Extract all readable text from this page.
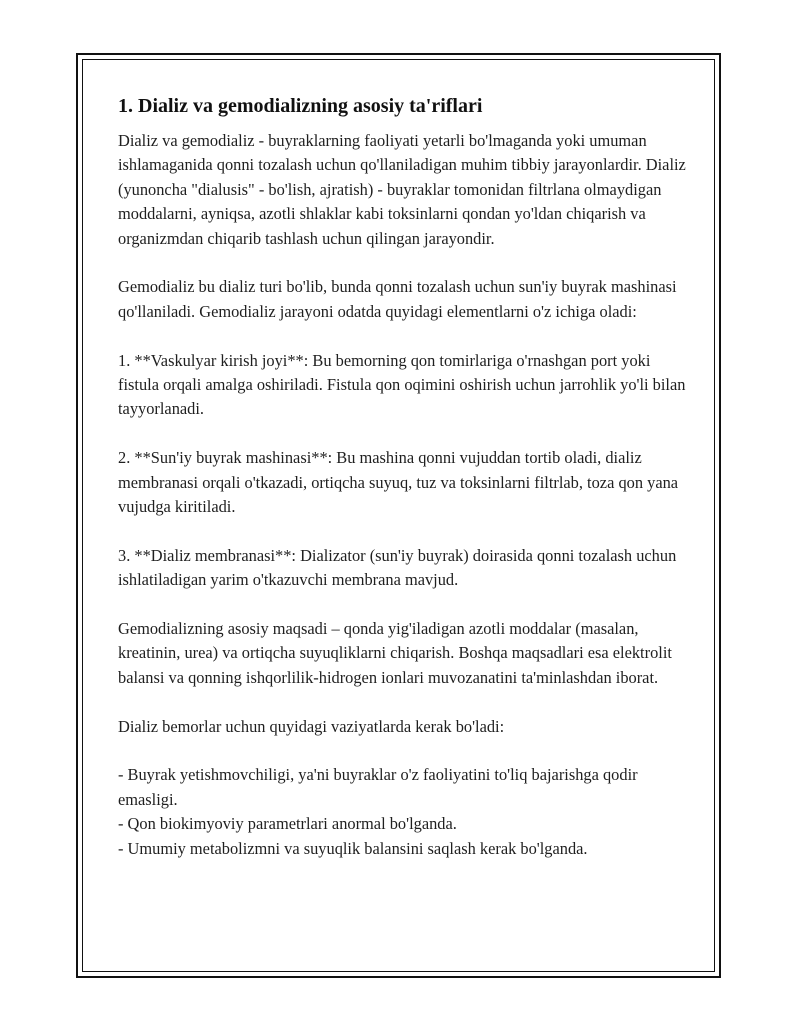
1. Dializ va gemodializning asosiy ta'riflari

Dializ va gemodializ - buyraklarning faoliyati yetarli bo'lmaganda yoki umuman ishlamaganida qonni tozalash uchun qo'llaniladigan muhim tibbiy jarayonlardir. Dializ (yunoncha "dialusis" - bo'lish, ajratish) - buyraklar tomonidan filtrlana olmaydigan moddalarni, ayniqsa, azotli shlaklar kabi toksinlarni qondan yo'ldan chiqarish va organizmdan chiqarib tashlash uchun qilingan jarayondir.

Gemodializ bu dializ turi bo'lib, bunda qonni tozalash uchun sun'iy buyrak mashinasi qo'llaniladi. Gemodializ jarayoni odatda quyidagi elementlarni o'z ichiga oladi:

1. **Vaskulyar kirish joyi**: Bu bemorning qon tomirlariga o'rnashgan port yoki fistula orqali amalga oshiriladi. Fistula qon oqimini oshirish uchun jarrohlik yo'li bilan tayyorlanadi.

2. **Sun'iy buyrak mashinasi**: Bu mashina qonni vujuddan tortib oladi, dializ membranasi orqali o'tkazadi, ortiqcha suyuq, tuz va toksinlarni filtrlab, toza qon yana vujudga kiritiladi.

3. **Dializ membranasi**: Dializator (sun'iy buyrak) doirasida qonni tozalash uchun ishlatiladigan yarim o'tkazuvchi membrana mavjud.

Gemodializning asosiy maqsadi – qonda yig'iladigan azotli moddalar (masalan, kreatinin, urea) va ortiqcha suyuqliklarni chiqarish. Boshqa maqsadlari esa elektrolit balansi va qonning ishqorlilik-hidrogen ionlari muvozanatini ta'minlashdan iborat.

Dializ bemorlar uchun quyidagi vaziyatlarda kerak bo'ladi:

- Buyrak yetishmovchiligi, ya'ni buyraklar o'z faoliyatini to'liq bajarishga qodir emasligi.

- Qon biokimyoviy parametrlari anormal bo'lganda.

- Umumiy metabolizmni va suyuqlik balansini saqlash kerak bo'lganda.
